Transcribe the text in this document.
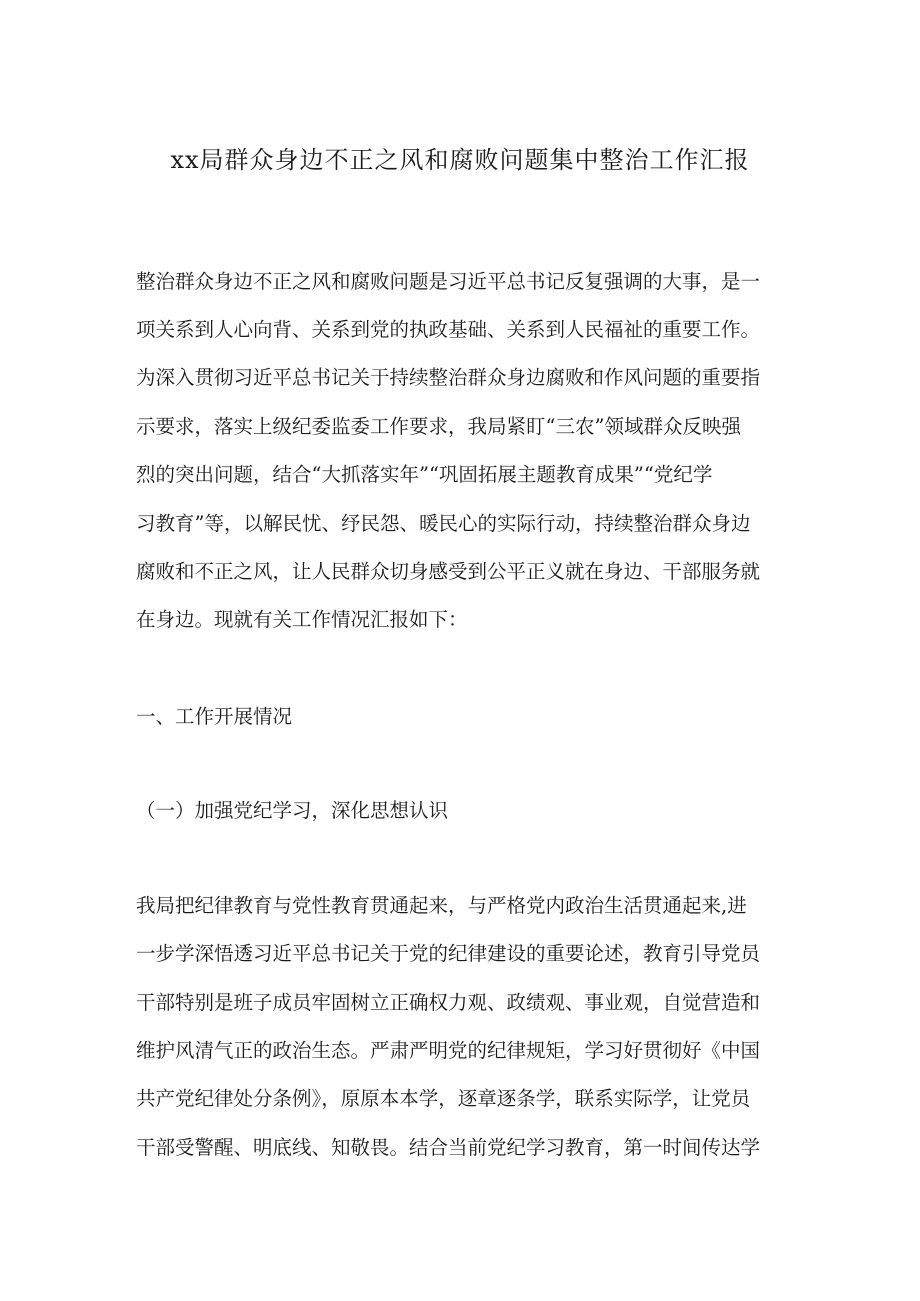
xx局群众身边不正之风和腐败问题集中整治工作汇报

整治群众身边不正之风和腐败问题是习近平总书记反复强调的大事，是一

项关系到人心向背、关系到党的执政基础、关系到人民福祉的重要工作。

为深入贯彻习近平总书记关于持续整治群众身边腐败和作风问题的重要指

示要求，落实上级纪委监委工作要求，我局紧盯“三农”领域群众反映强

烈的突出问题，结合“大抓落实年”“巩固拓展主题教育成果”“党纪学

习教育”等，以解民忧、纾民怨、暖民心的实际行动，持续整治群众身边

腐败和不正之风，让人民群众切身感受到公平正义就在身边、干部服务就

在身边。现就有关工作情况汇报如下：

一、工作开展情况

（一）加强党纪学习，深化思想认识

我局把纪律教育与党性教育贯通起来，与严格党内政治生活贯通起来,进

一步学深悟透习近平总书记关于党的纪律建设的重要论述，教育引导党员

干部特别是班子成员牢固树立正确权力观、政绩观、事业观，自觉营造和

维护风清气正的政治生态。严肃严明党的纪律规矩，学习好贯彻好《中国

共产党纪律处分条例》，原原本本学，逐章逐条学，联系实际学，让党员

干部受警醒、明底线、知敬畏。结合当前党纪学习教育，第一时间传达学
